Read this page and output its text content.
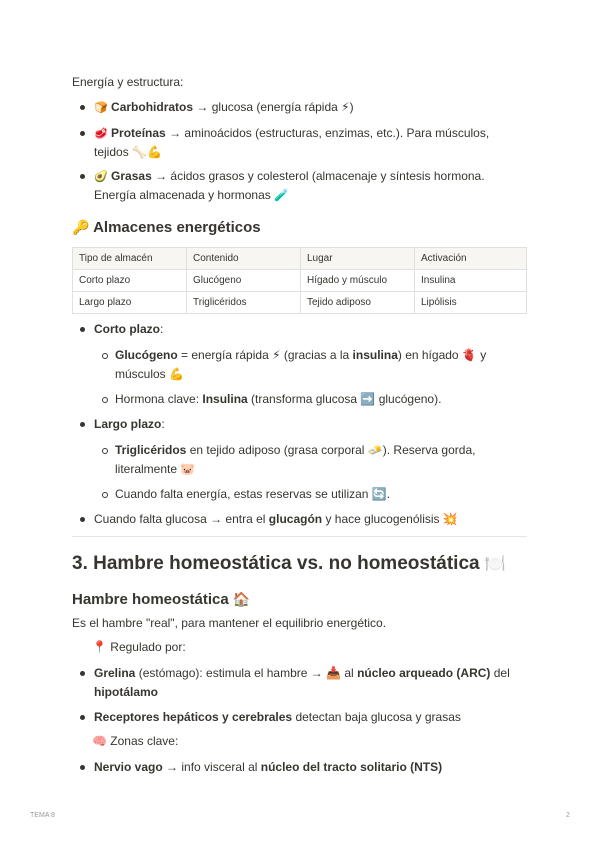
Energía y estructura:
🍞 Carbohidratos → glucosa (energía rápida ⚡)
🥩 Proteínas → aminoácidos (estructuras, enzimas, etc.). Para músculos,
tejidos 🦴💪
🥑 Grasas → ácidos grasos y colesterol (almacenaje y síntesis hormona.
Energía almacenada y hormonas 🧪
🔑 Almacenes energéticos
Tipo de almacén	Contenido	Lugar	Activación
Corto plazo	Glucógeno	Hígado y músculo	Insulina
Largo plazo	Triglicéridos	Tejido adiposo	Lipólisis
Corto plazo:
Glucógeno = energía rápida ⚡ (gracias a la insulina) en hígado 🫀 y
músculos 💪
Hormona clave: Insulina (transforma glucosa ➡️ glucógeno).
Largo plazo:
Triglicéridos en tejido adiposo (grasa corporal 🧈). Reserva gorda,
literalmente 🐷
Cuando falta energía, estas reservas se utilizan 🔄.
Cuando falta glucosa → entra el glucagón y hace glucogenólisis 💥
3. Hambre homeostática vs. no homeostática 🍽️
Hambre homeostática 🏠
Es el hambre "real", para mantener el equilibrio energético.
📍 Regulado por:
Grelina (estómago): estimula el hambre → 📥 al núcleo arqueado (ARC) del
hipotálamo
Receptores hepáticos y cerebrales detectan baja glucosa y grasas
🧠 Zonas clave:
Nervio vago → info visceral al núcleo del tracto solitario (NTS)
TEMA 8	2
